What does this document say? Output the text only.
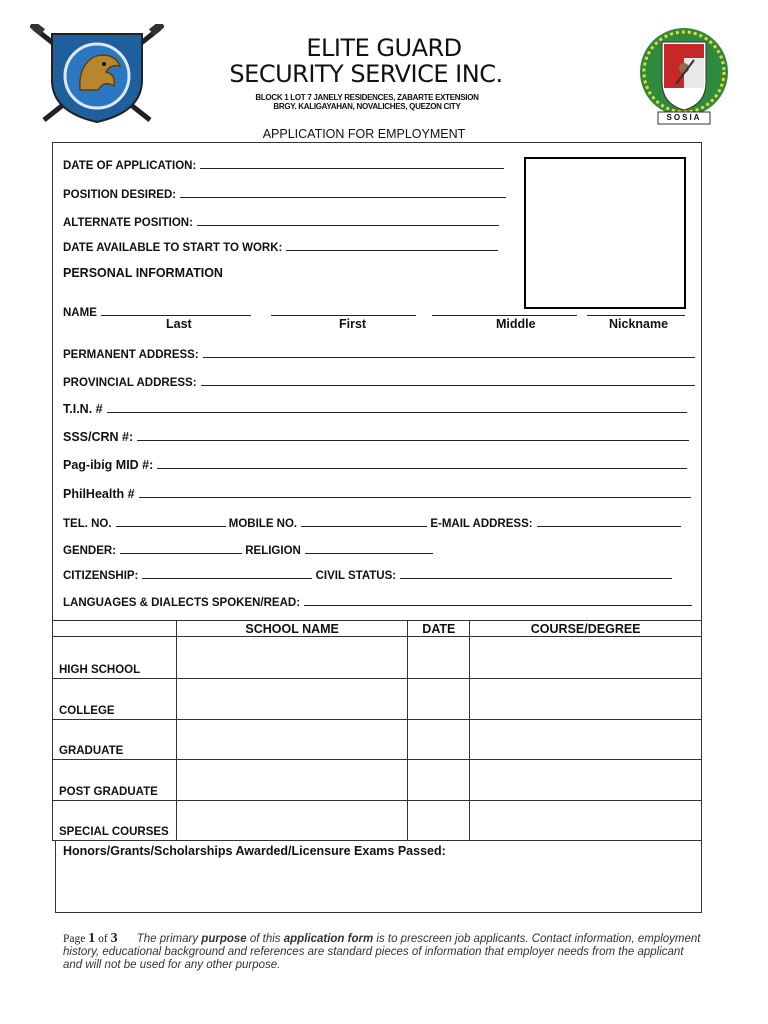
ELITE GUARD
SECURITY SERVICE INC.
BLOCK 1 LOT 7 JANELY RESIDENCES, ZABARTE EXTENSION
BRGY. KALIGAYAHAN, NOVALICHES, QUEZON CITY
SOSIA
APPLICATION FOR EMPLOYMENT
DATE OF APPLICATION:
POSITION DESIRED:
ALTERNATE POSITION:
DATE AVAILABLE TO START TO WORK:
PERSONAL INFORMATION
NAME
Last	First	Middle	Nickname
PERMANENT ADDRESS:
PROVINCIAL ADDRESS:
T.I.N. #
SSS/CRN #:
Pag-ibig MID #:
PhilHealth #
TEL. NO.	MOBILE NO.	E-MAIL ADDRESS:
GENDER:	RELIGION
CITIZENSHIP:	CIVIL STATUS:
LANGUAGES & DIALECTS SPOKEN/READ:
	SCHOOL NAME	DATE	COURSE/DEGREE
HIGH SCHOOL			
COLLEGE			
GRADUATE			
POST GRADUATE			
SPECIAL COURSES			
Honors/Grants/Scholarships Awarded/Licensure Exams Passed:
Page 1 of 3 The primary purpose of this application form is to prescreen job applicants. Contact information, employment history, educational background and references are standard pieces of information that employer needs from the applicant and will not be used for any other purpose.
